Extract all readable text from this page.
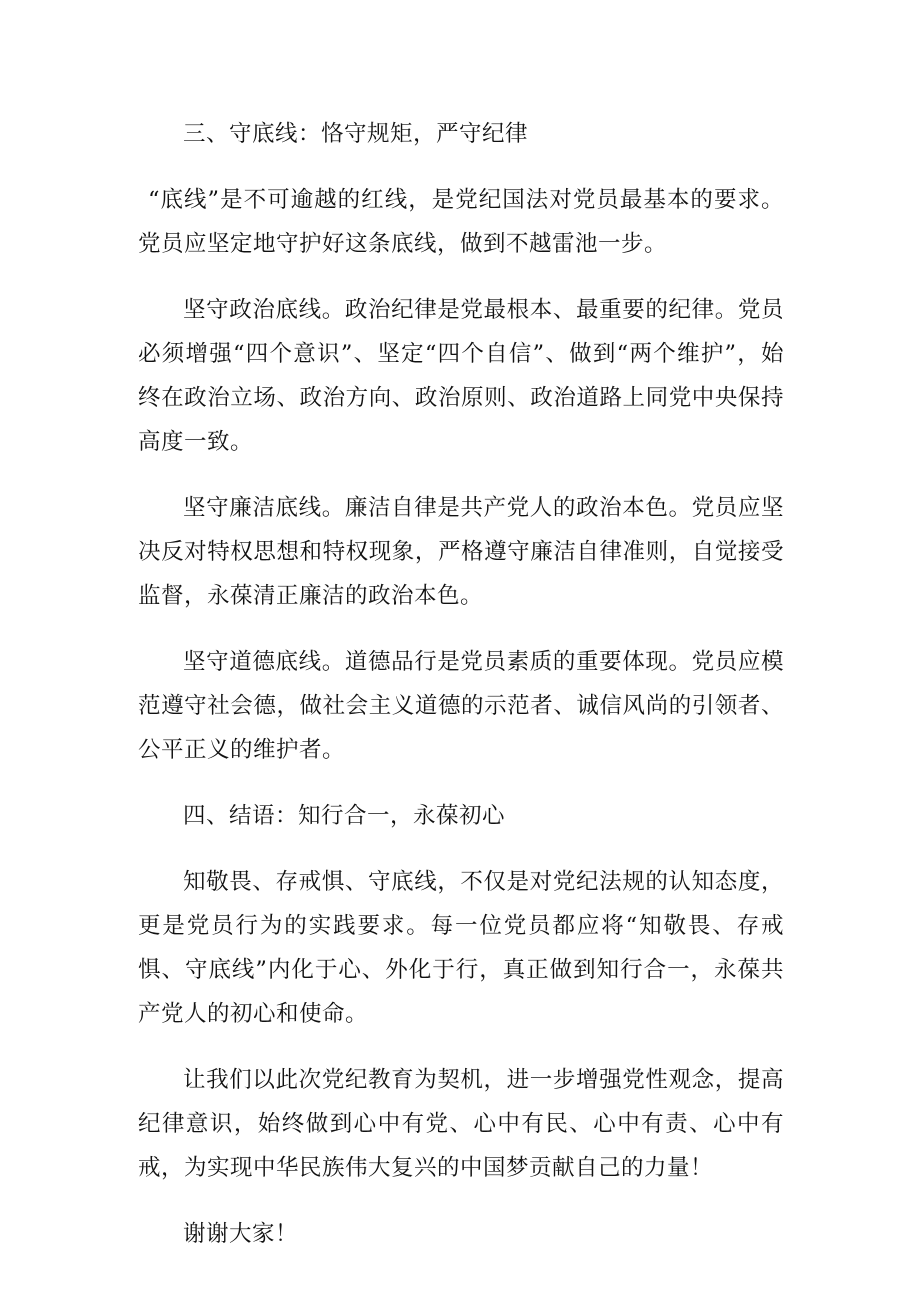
三、守底线：恪守规矩，严守纪律

“底线”是不可逾越的红线，是党纪国法对党员最基本的要求。党员应坚定地守护好这条底线，做到不越雷池一步。

坚守政治底线。政治纪律是党最根本、最重要的纪律。党员必须增强“四个意识”、坚定“四个自信”、做到“两个维护”，始终在政治立场、政治方向、政治原则、政治道路上同党中央保持高度一致。

坚守廉洁底线。廉洁自律是共产党人的政治本色。党员应坚决反对特权思想和特权现象，严格遵守廉洁自律准则，自觉接受监督，永葆清正廉洁的政治本色。

坚守道德底线。道德品行是党员素质的重要体现。党员应模范遵守社会德，做社会主义道德的示范者、诚信风尚的引领者、公平正义的维护者。

四、结语：知行合一，永葆初心

知敬畏、存戒惧、守底线，不仅是对党纪法规的认知态度，更是党员行为的实践要求。每一位党员都应将“知敬畏、存戒惧、守底线”内化于心、外化于行，真正做到知行合一，永葆共产党人的初心和使命。

让我们以此次党纪教育为契机，进一步增强党性观念，提高纪律意识，始终做到心中有党、心中有民、心中有责、心中有戒，为实现中华民族伟大复兴的中国梦贡献自己的力量！

谢谢大家！
